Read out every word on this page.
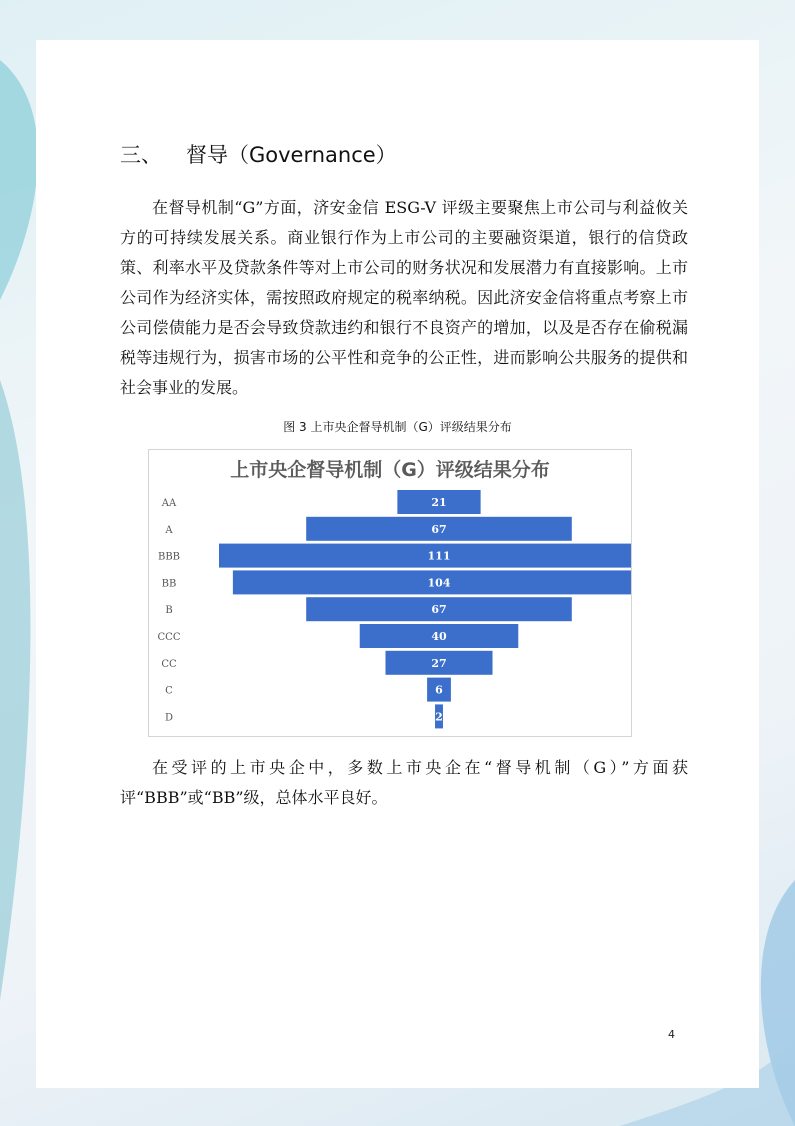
三、 督导（Governance）

在督导机制“G”方面，济安金信 ESG-V 评级主要聚焦上市公司与利益攸关方的可持续发展关系。商业银行作为上市公司的主要融资渠道，银行的信贷政策、利率水平及贷款条件等对上市公司的财务状况和发展潜力有直接影响。上市公司作为经济实体，需按照政府规定的税率纳税。因此济安金信将重点考察上市公司偿债能力是否会导致贷款违约和银行不良资产的增加，以及是否存在偷税漏税等违规行为，损害市场的公平性和竞争的公正性，进而影响公共服务的提供和社会事业的发展。

图 3 上市央企督导机制（G）评级结果分布
上市央企督导机制（G）评级结果分布
21
AA
67
A
111
BBB
104
BB
67
B
40
CCC
27
CC
6
C
2
D

在受评的上市央企中，多数上市央企在“督导机制（G）”方面获评“BBB”或“BB”级，总体水平良好。

4
